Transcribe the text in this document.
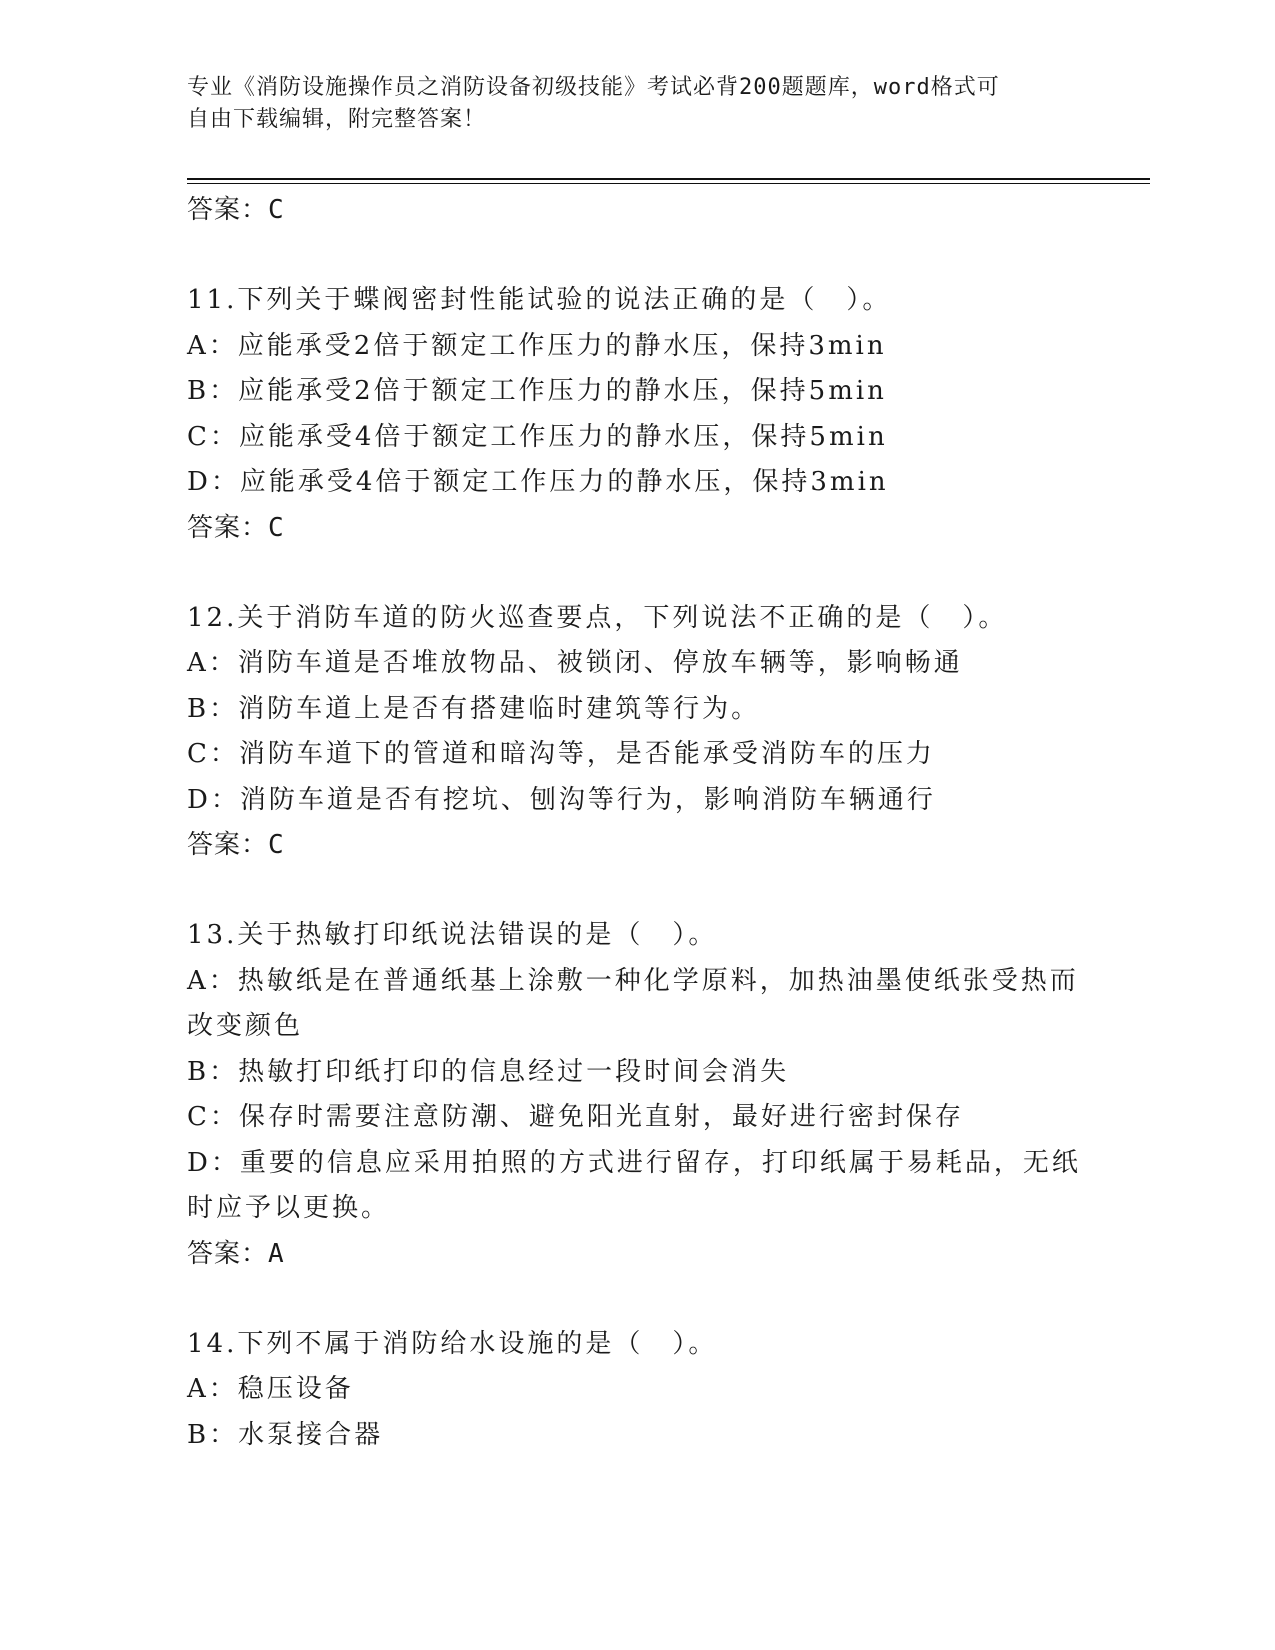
专业《消防设施操作员之消防设备初级技能》考试必背200题题库，word格式可
自由下载编辑，附完整答案！
答案：C
11.下列关于蝶阀密封性能试验的说法正确的是（　）。
A：应能承受2倍于额定工作压力的静水压，保持3min
B：应能承受2倍于额定工作压力的静水压，保持5min
C：应能承受4倍于额定工作压力的静水压，保持5min
D：应能承受4倍于额定工作压力的静水压，保持3min
答案：C
12.关于消防车道的防火巡查要点，下列说法不正确的是（　）。
A：消防车道是否堆放物品、被锁闭、停放车辆等，影响畅通
B：消防车道上是否有搭建临时建筑等行为。
C：消防车道下的管道和暗沟等，是否能承受消防车的压力
D：消防车道是否有挖坑、刨沟等行为，影响消防车辆通行
答案：C
13.关于热敏打印纸说法错误的是（　）。
A：热敏纸是在普通纸基上涂敷一种化学原料，加热油墨使纸张受热而改变颜色
B：热敏打印纸打印的信息经过一段时间会消失
C：保存时需要注意防潮、避免阳光直射，最好进行密封保存
D：重要的信息应采用拍照的方式进行留存，打印纸属于易耗品，无纸时应予以更换。
答案：A
14.下列不属于消防给水设施的是（　）。
A：稳压设备
B：水泵接合器
